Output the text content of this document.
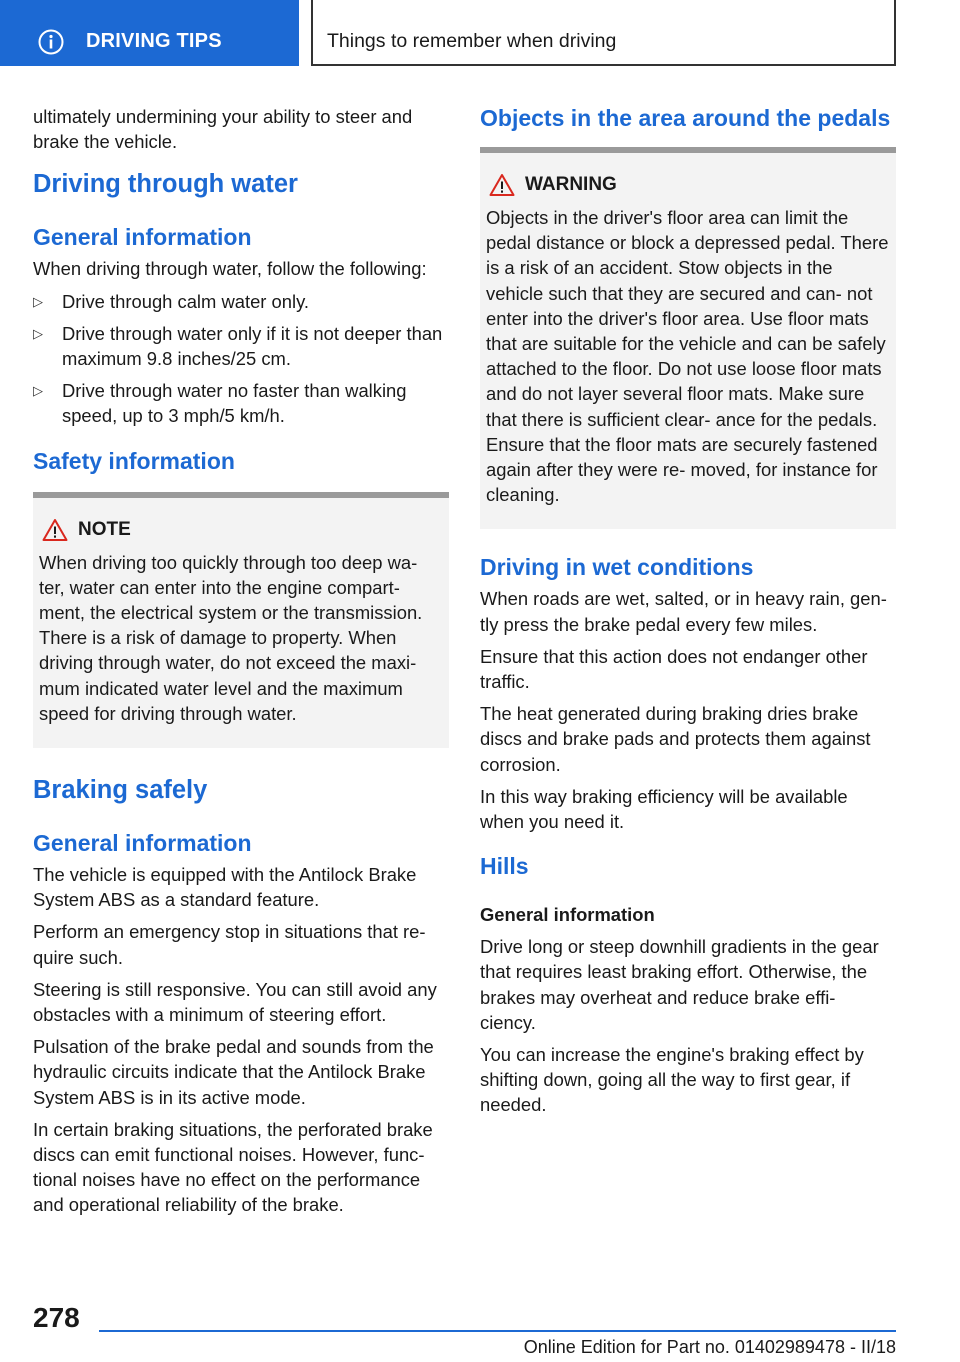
DRIVING TIPS	Things to remember when driving

ultimately undermining your ability to steer and brake the vehicle.

Driving through water
General information

When driving through water, follow the following:

▷ Drive through calm water only.
▷ Drive through water only if it is not deeper than maximum 9.8 inches/25 cm.
▷ Drive through water no faster than walking speed, up to 3 mph/5 km/h.
Safety information
NOTE
When driving too quickly through too deep wa‐ ter, water can enter into the engine compart‐ ment, the electrical system or the transmission. There is a risk of damage to property. When driving through water, do not exceed the maxi‐ mum indicated water level and the maximum speed for driving through water.
Braking safely
General information

The vehicle is equipped with the Antilock Brake System ABS as a standard feature.

Perform an emergency stop in situations that re‐ quire such.

Steering is still responsive. You can still avoid any obstacles with a minimum of steering effort.

Pulsation of the brake pedal and sounds from the hydraulic circuits indicate that the Antilock Brake System ABS is in its active mode.

In certain braking situations, the perforated brake discs can emit functional noises. However, func‐ tional noises have no effect on the performance and operational reliability of the brake.

Objects in the area around the pedals
WARNING
Objects in the driver's floor area can limit the pedal distance or block a depressed pedal. There is a risk of an accident. Stow objects in the vehicle such that they are secured and can‐ not enter into the driver's floor area. Use floor mats that are suitable for the vehicle and can be safely attached to the floor. Do not use loose floor mats and do not layer several floor mats. Make sure that there is sufficient clear‐ ance for the pedals. Ensure that the floor mats are securely fastened again after they were re‐ moved, for instance for cleaning.
Driving in wet conditions

When roads are wet, salted, or in heavy rain, gen‐ tly press the brake pedal every few miles.

Ensure that this action does not endanger other traffic.

The heat generated during braking dries brake discs and brake pads and protects them against corrosion.

In this way braking efficiency will be available when you need it.

Hills
General information

Drive long or steep downhill gradients in the gear that requires least braking effort. Otherwise, the brakes may overheat and reduce brake effi‐ ciency.

You can increase the engine's braking effect by shifting down, going all the way to first gear, if needed.

278
Online Edition for Part no. 01402989478 - II/18
